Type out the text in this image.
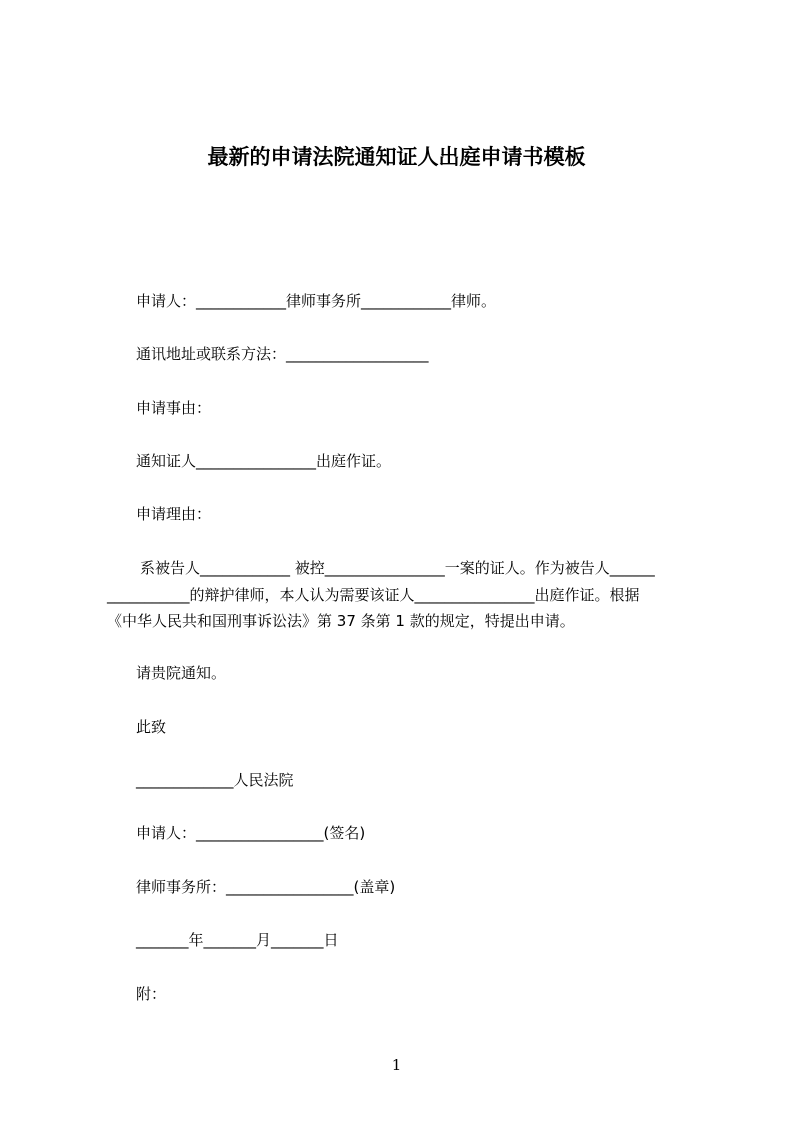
最新的申请法院通知证人出庭申请书模板
申请人：____________律师事务所____________律师。
通讯地址或联系方法：___________________
申请事由：
通知证人________________出庭作证。
申请理由：
系被告人____________ 被控________________一案的证人。作为被告人______
___________的辩护律师，本人认为需要该证人________________出庭作证。根据
《中华人民共和国刑事诉讼法》第 37 条第 1 款的规定，特提出申请。
请贵院通知。
此致
_____________人民法院
申请人：_________________(签名)
律师事务所：_________________(盖章)
_______年_______月_______日
附：
1
